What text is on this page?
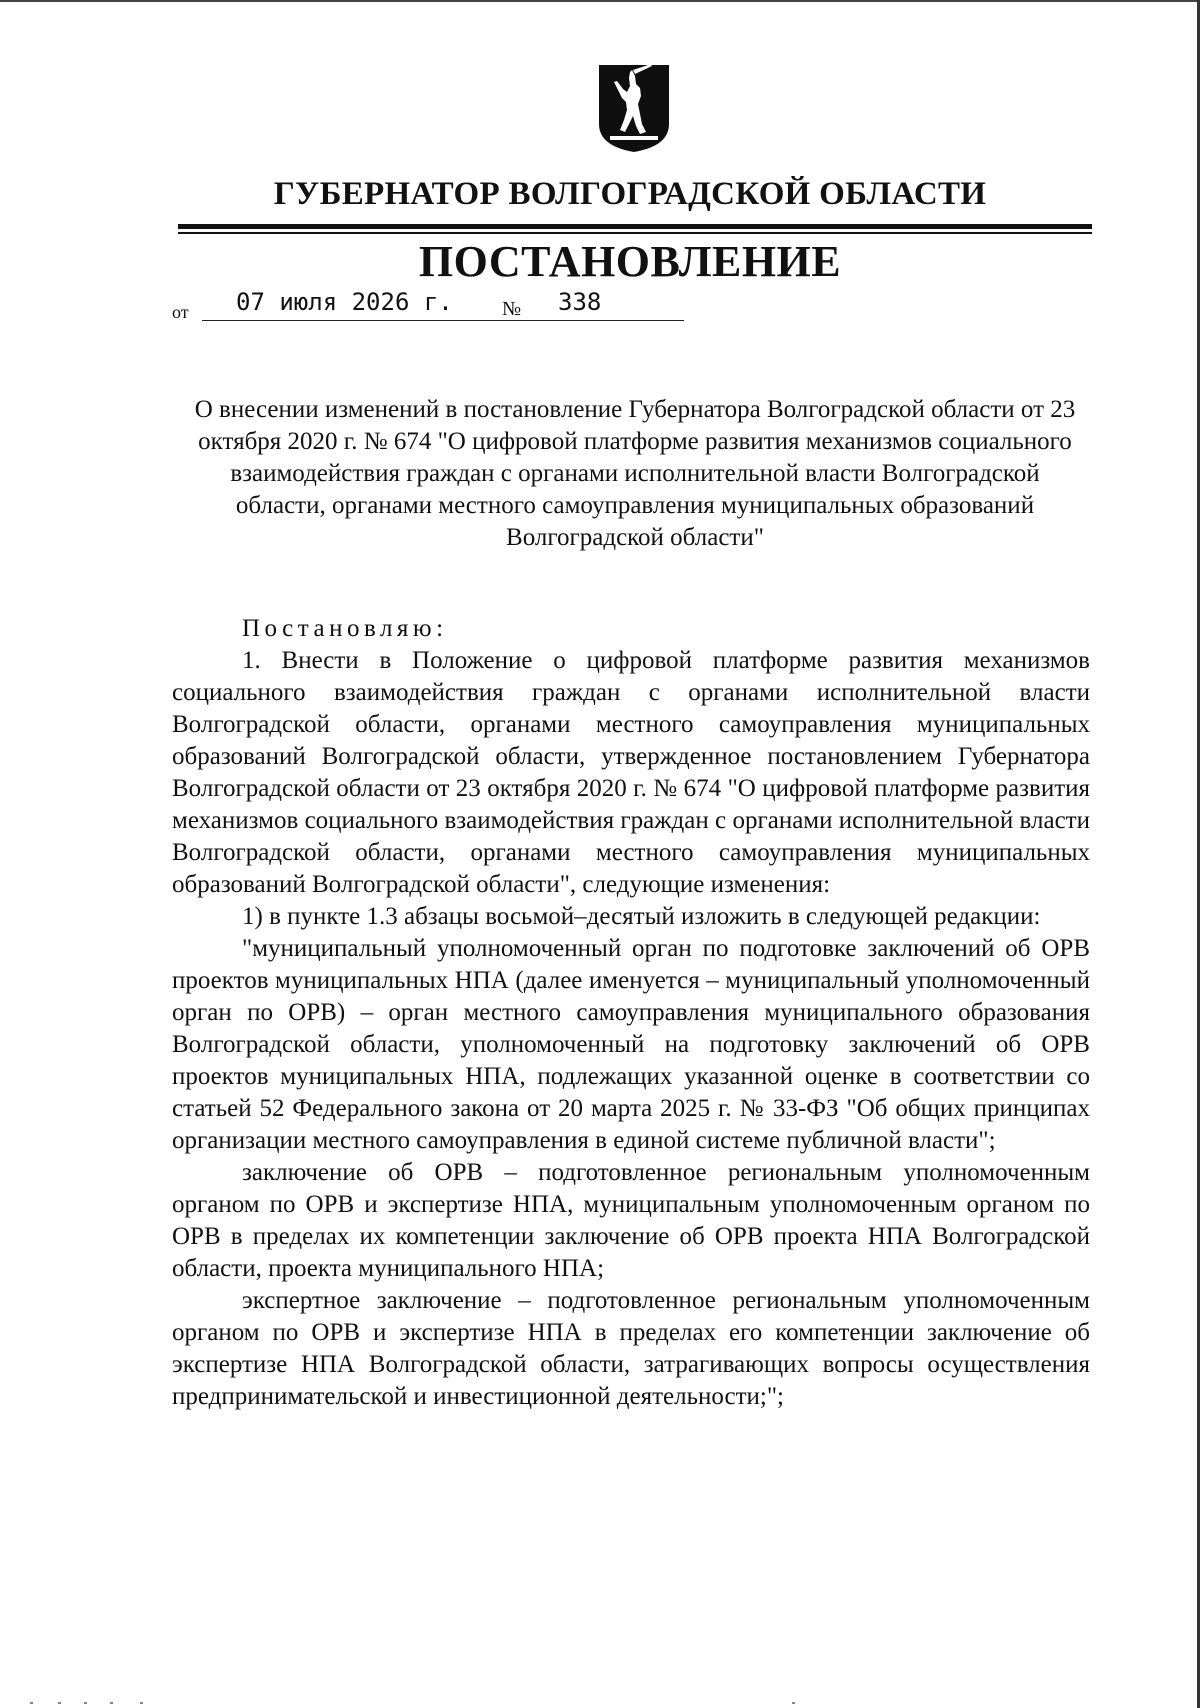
ГУБЕРНАТОР ВОЛГОГРАДСКОЙ ОБЛАСТИ
ПОСТАНОВЛЕНИЕ
от 07 июля 2026 г. № 338
О внесении изменений в постановление Губернатора Волгоградской области от 23 октября 2020 г. № 674 "О цифровой платформе развития механизмов социального взаимодействия граждан с органами исполнительной власти Волгоградской области, органами местного самоуправления муниципальных образований Волгоградской области"

Постановляю:

1. Внести в Положение о цифровой платформе развития механизмов социального взаимодействия граждан с органами исполнительной власти Волгоградской области, органами местного самоуправления муниципальных образований Волгоградской области, утвержденное постановлением Губернатора Волгоградской области от 23 октября 2020 г. № 674 "О цифровой платформе развития механизмов социального взаимодействия граждан с органами исполнительной власти Волгоградской области, органами местного самоуправления муниципальных образований Волгоградской области", следующие изменения:

1) в пункте 1.3 абзацы восьмой–десятый изложить в следующей редакции:

"муниципальный уполномоченный орган по подготовке заключений об ОРВ проектов муниципальных НПА (далее именуется – муниципальный уполномоченный орган по ОРВ) – орган местного самоуправления муниципального образования Волгоградской области, уполномоченный на подготовку заключений об ОРВ проектов муниципальных НПА, подлежащих указанной оценке в соответствии со статьей 52 Федерального закона от 20 марта 2025 г. № 33-ФЗ "Об общих принципах организации местного самоуправления в единой системе публичной власти";

заключение об ОРВ – подготовленное региональным уполномоченным органом по ОРВ и экспертизе НПА, муниципальным уполномоченным органом по ОРВ в пределах их компетенции заключение об ОРВ проекта НПА Волгоградской области, проекта муниципального НПА;

экспертное заключение – подготовленное региональным уполномоченным органом по ОРВ и экспертизе НПА в пределах его компетенции заключение об экспертизе НПА Волгоградской области, затрагивающих вопросы осуществления предпринимательской и инвестиционной деятельности;";
